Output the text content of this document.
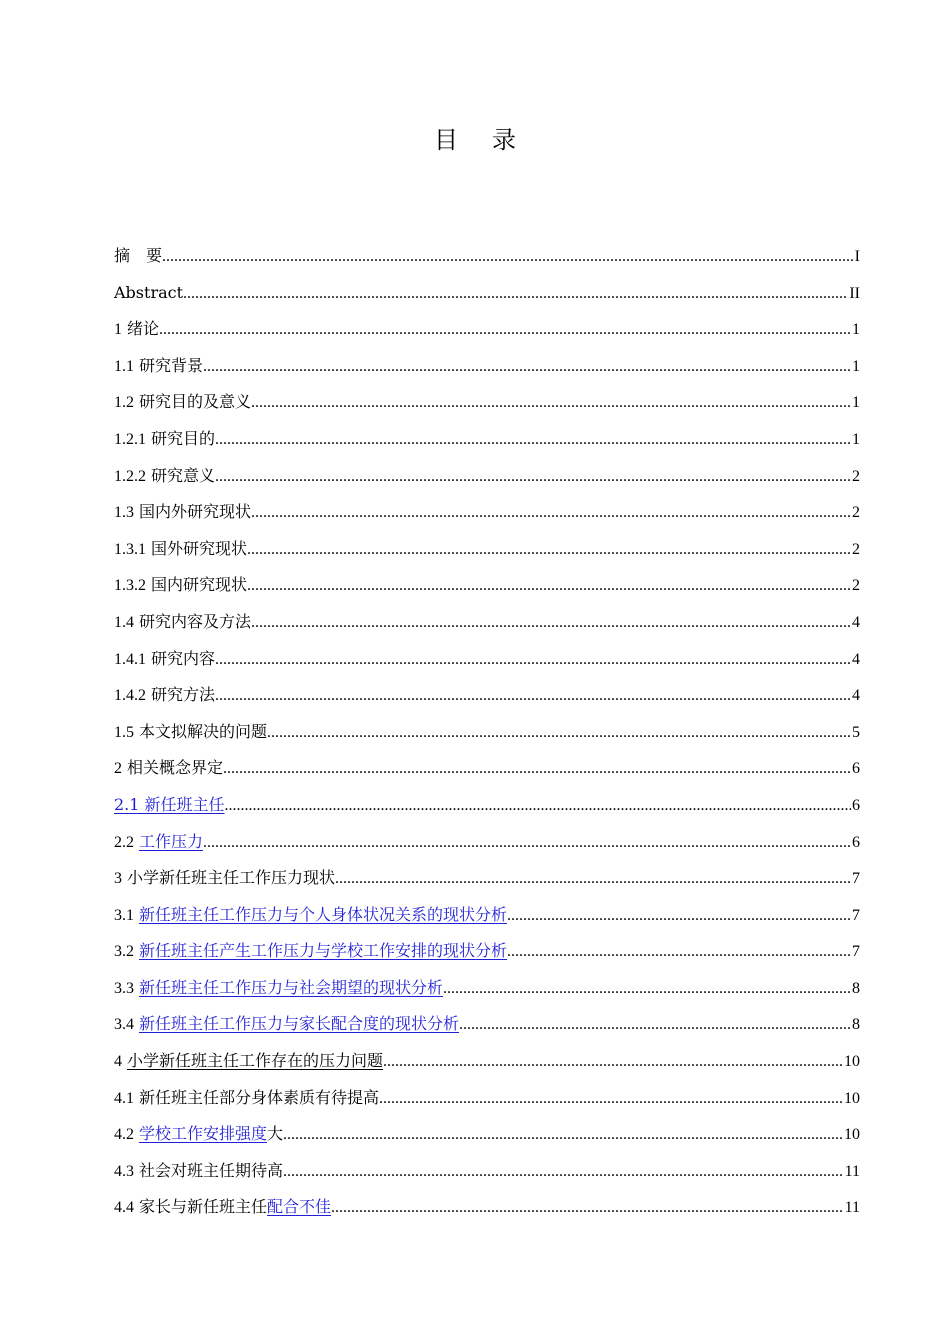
目 录
摘　要 .....	I
Abstract .....	II
1 绪论 .....	1
1.1 研究背景 .....	1
1.2 研究目的及意义 .....	1
1.2.1 研究目的 .....	1
1.2.2 研究意义 .....	2
1.3 国内外研究现状 .....	2
1.3.1 国外研究现状 .....	2
1.3.2 国内研究现状 .....	2
1.4 研究内容及方法 .....	4
1.4.1 研究内容 .....	4
1.4.2 研究方法 .....	4
1.5 本文拟解决的问题 .....	5
2 相关概念界定 .....	6
2.1 新任班主任 .....	6
2.2 工作压力 .....	6
3 小学新任班主任工作压力现状 .....	7
3.1 新任班主任工作压力与个人身体状况关系的现状分析 .....	7
3.2 新任班主任产生工作压力与学校工作安排的现状分析 .....	7
3.3 新任班主任工作压力与社会期望的现状分析 .....	8
3.4 新任班主任工作压力与家长配合度的现状分析 .....	8
4 小学新任班主任工作存在的压力问题 .....	10
4.1 新任班主任部分身体素质有待提高 .....	10
4.2 学校工作安排强度大 .....	10
4.3 社会对班主任期待高 .....	11
4.4 家长与新任班主任配合不佳 .....	11
